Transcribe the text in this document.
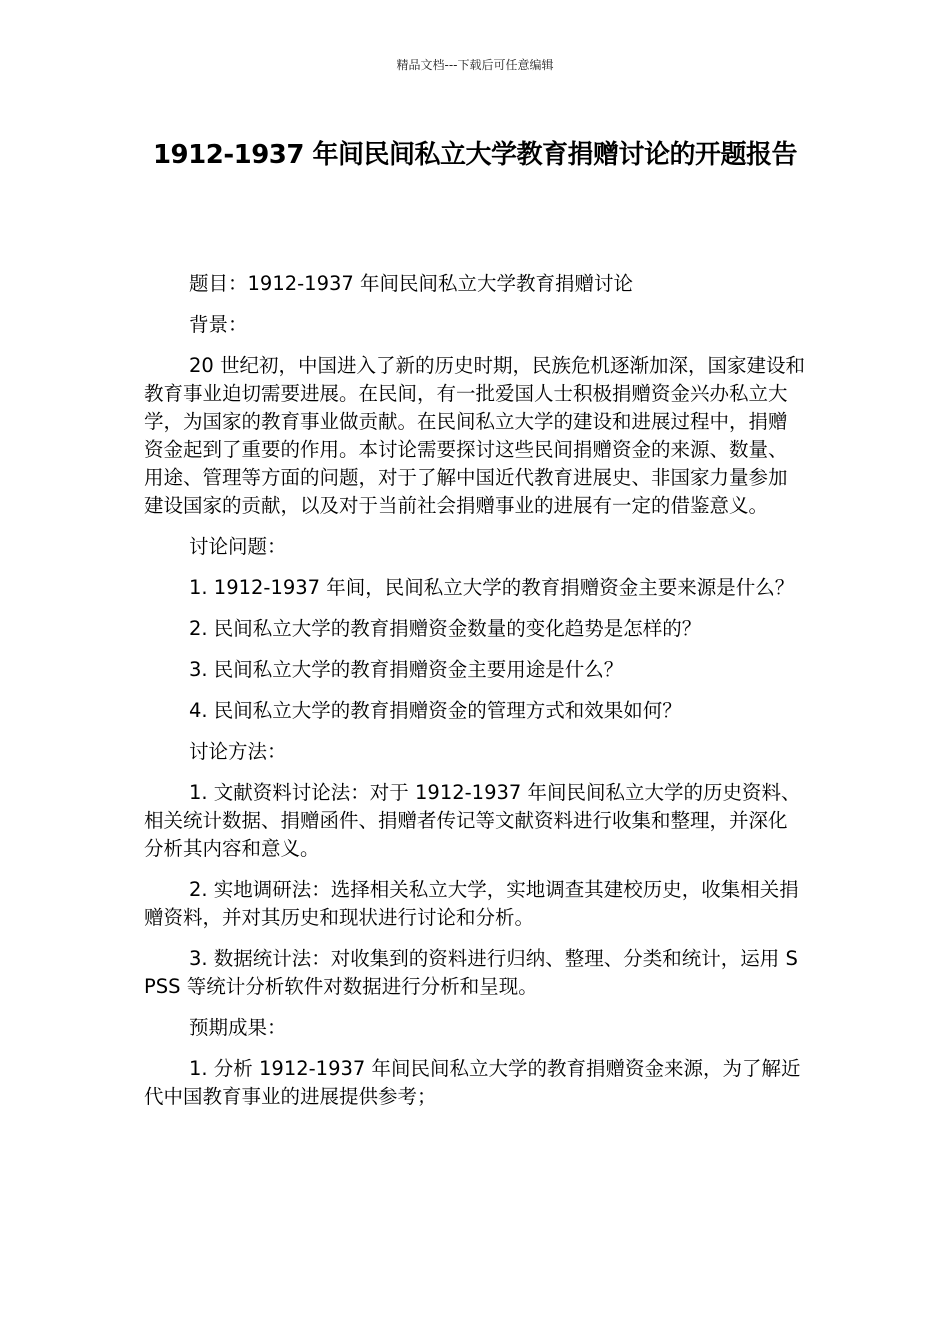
精品文档---下载后可任意编辑
1912-1937 年间民间私立大学教育捐赠讨论的开题报告

题目：1912-1937 年间民间私立大学教育捐赠讨论

背景：

20 世纪初，中国进入了新的历史时期，民族危机逐渐加深，国家建设和教育事业迫切需要进展。在民间，有一批爱国人士积极捐赠资金兴办私立大学，为国家的教育事业做贡献。在民间私立大学的建设和进展过程中，捐赠资金起到了重要的作用。本讨论需要探讨这些民间捐赠资金的来源、数量、用途、管理等方面的问题，对于了解中国近代教育进展史、非国家力量参加建设国家的贡献，以及对于当前社会捐赠事业的进展有一定的借鉴意义。

讨论问题：

1. 1912-1937 年间，民间私立大学的教育捐赠资金主要来源是什么？

2. 民间私立大学的教育捐赠资金数量的变化趋势是怎样的？

3. 民间私立大学的教育捐赠资金主要用途是什么？

4. 民间私立大学的教育捐赠资金的管理方式和效果如何？

讨论方法：

1. 文献资料讨论法：对于 1912-1937 年间民间私立大学的历史资料、相关统计数据、捐赠函件、捐赠者传记等文献资料进行收集和整理，并深化分析其内容和意义。

2. 实地调研法：选择相关私立大学，实地调查其建校历史，收集相关捐赠资料，并对其历史和现状进行讨论和分析。

3. 数据统计法：对收集到的资料进行归纳、整理、分类和统计，运用 SPSS 等统计分析软件对数据进行分析和呈现。

预期成果：

1. 分析 1912-1937 年间民间私立大学的教育捐赠资金来源，为了解近代中国教育事业的进展提供参考；
